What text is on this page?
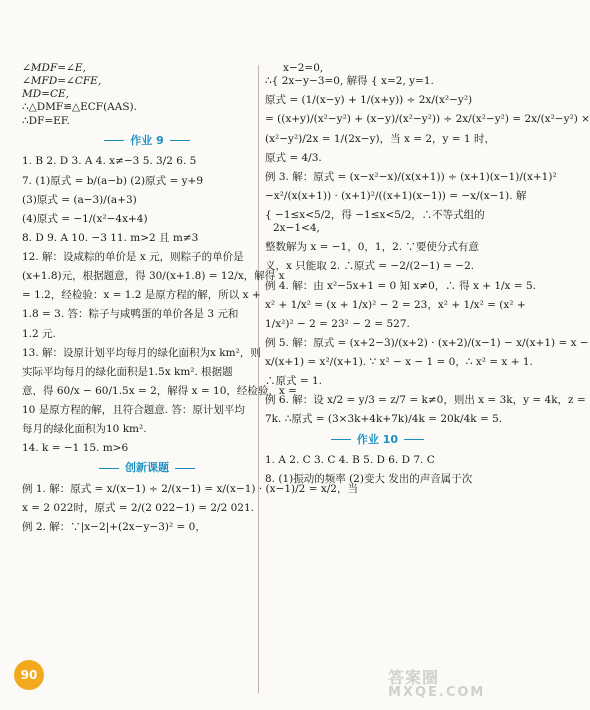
∠MDF=∠E,

∠MFD=∠CFE,

MD=CE,

∴△DMF≌△ECF(AAS).

∴DF=EF.

作业 9

1. B 2. D 3. A 4. x≠−3 5. 3/2 6. 5

7. (1)原式 = b/(a−b) (2)原式 = y+9

(3)原式 = (a−3)/(a+3)

(4)原式 = −1/(x²−4x+4)

8. D 9. A 10. −3 11. m>2 且 m≠3

12. 解：设咸粽的单价是 x 元，则粽子的单价是

(x+1.8)元，根据题意，得 30/(x+1.8) = 12/x，解得 x

= 1.2，经检验：x = 1.2 是原方程的解，所以 x +

1.8 = 3. 答：粽子与咸鸭蛋的单价各是 3 元和

1.2 元.

13. 解：设原计划平均每月的绿化面积为x km²，则

实际平均每月的绿化面积是1.5x km². 根据题

意，得 60/x − 60/1.5x = 2，解得 x = 10，经检验，x =

10 是原方程的解，且符合题意. 答：原计划平均

每月的绿化面积为10 km².

14. k = −1 15. m>6

创新课题

例 1. 解：原式 = x/(x−1) ÷ 2/(x−1) = x/(x−1) · (x−1)/2 = x/2，当

x = 2 022时，原式 = 2/(2 022−1) = 2/2 021.

例 2. 解：∵|x−2|+(2x−y−3)² = 0，

x−2=0,

∴{ 2x−y−3=0, 解得 { x=2, y=1.

原式 = (1/(x−y) + 1/(x+y)) ÷ 2x/(x²−y²)

= ((x+y)/(x²−y²) + (x−y)/(x²−y²)) ÷ 2x/(x²−y²) = 2x/(x²−y²) ×

(x²−y²)/2x = 1/(2x−y)，当 x = 2，y = 1 时，

原式 = 4/3.

例 3. 解：原式 = (x−x²−x)/(x(x+1)) ÷ (x+1)(x−1)/(x+1)²

−x²/(x(x+1)) · (x+1)²/((x+1)(x−1)) = −x/(x−1). 解

{ −1≤x<5/2，得 −1≤x<5/2，∴不等式组的

2x−1<4,

整数解为 x = −1，0，1，2. ∵要使分式有意

义，x 只能取 2. ∴原式 = −2/(2−1) = −2.

例 4. 解：由 x²−5x+1 = 0 知 x≠0，∴ 得 x + 1/x = 5.

x² + 1/x² = (x + 1/x)² − 2 = 23，x² + 1/x² = (x² +

1/x²)² − 2 = 23² − 2 = 527.

例 5. 解：原式 = (x+2−3)/(x+2) · (x+2)/(x−1) − x/(x+1) = x −

x/(x+1) = x²/(x+1). ∵ x² − x − 1 = 0，∴ x² = x + 1.

∴原式 = 1.

例 6. 解：设 x/2 = y/3 = z/7 = k≠0，则出 x = 3k，y = 4k，z =

7k. ∴原式 = (3×3k+4k+7k)/4k = 20k/4k = 5.

作业 10

1. A 2. C 3. C 4. B 5. D 6. D 7. C

8. (1)振动的频率 (2)变大 发出的声音属于次

90	答案圈
MXQE.COM
